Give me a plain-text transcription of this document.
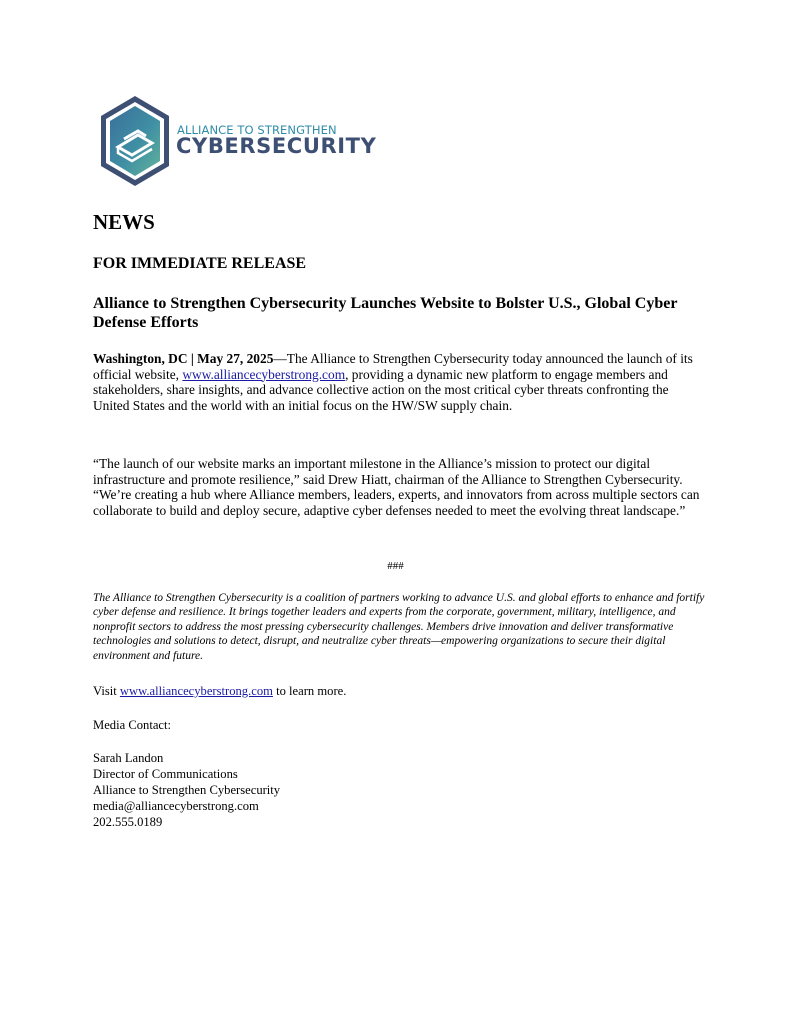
ALLIANCE TO STRENGTHEN
CYBERSECURITY
NEWS
FOR IMMEDIATE RELEASE
Alliance to Strengthen Cybersecurity Launches Website to Bolster U.S., Global Cyber Defense Efforts
Washington, DC | May 27, 2025—The Alliance to Strengthen Cybersecurity today announced the launch of its official website, www.alliancecyberstrong.com, providing a dynamic new platform to engage members and stakeholders, share insights, and advance collective action on the most critical cyber threats confronting the United States and the world with an initial focus on the HW/SW supply chain.
“The launch of our website marks an important milestone in the Alliance’s mission to protect our digital infrastructure and promote resilience,” said Drew Hiatt, chairman of the Alliance to Strengthen Cybersecurity. “We’re creating a hub where Alliance members, leaders, experts, and innovators from across multiple sectors can collaborate to build and deploy secure, adaptive cyber defenses needed to meet the evolving threat landscape.”
###
The Alliance to Strengthen Cybersecurity is a coalition of partners working to advance U.S. and global efforts to enhance and fortify cyber defense and resilience. It brings together leaders and experts from the corporate, government, military, intelligence, and nonprofit sectors to address the most pressing cybersecurity challenges. Members drive innovation and deliver transformative technologies and solutions to detect, disrupt, and neutralize cyber threats—empowering organizations to secure their digital environment and future.
Visit www.alliancecyberstrong.com to learn more.
Media Contact:
Sarah Landon
Director of Communications
Alliance to Strengthen Cybersecurity
media@alliancecyberstrong.com
202.555.0189
